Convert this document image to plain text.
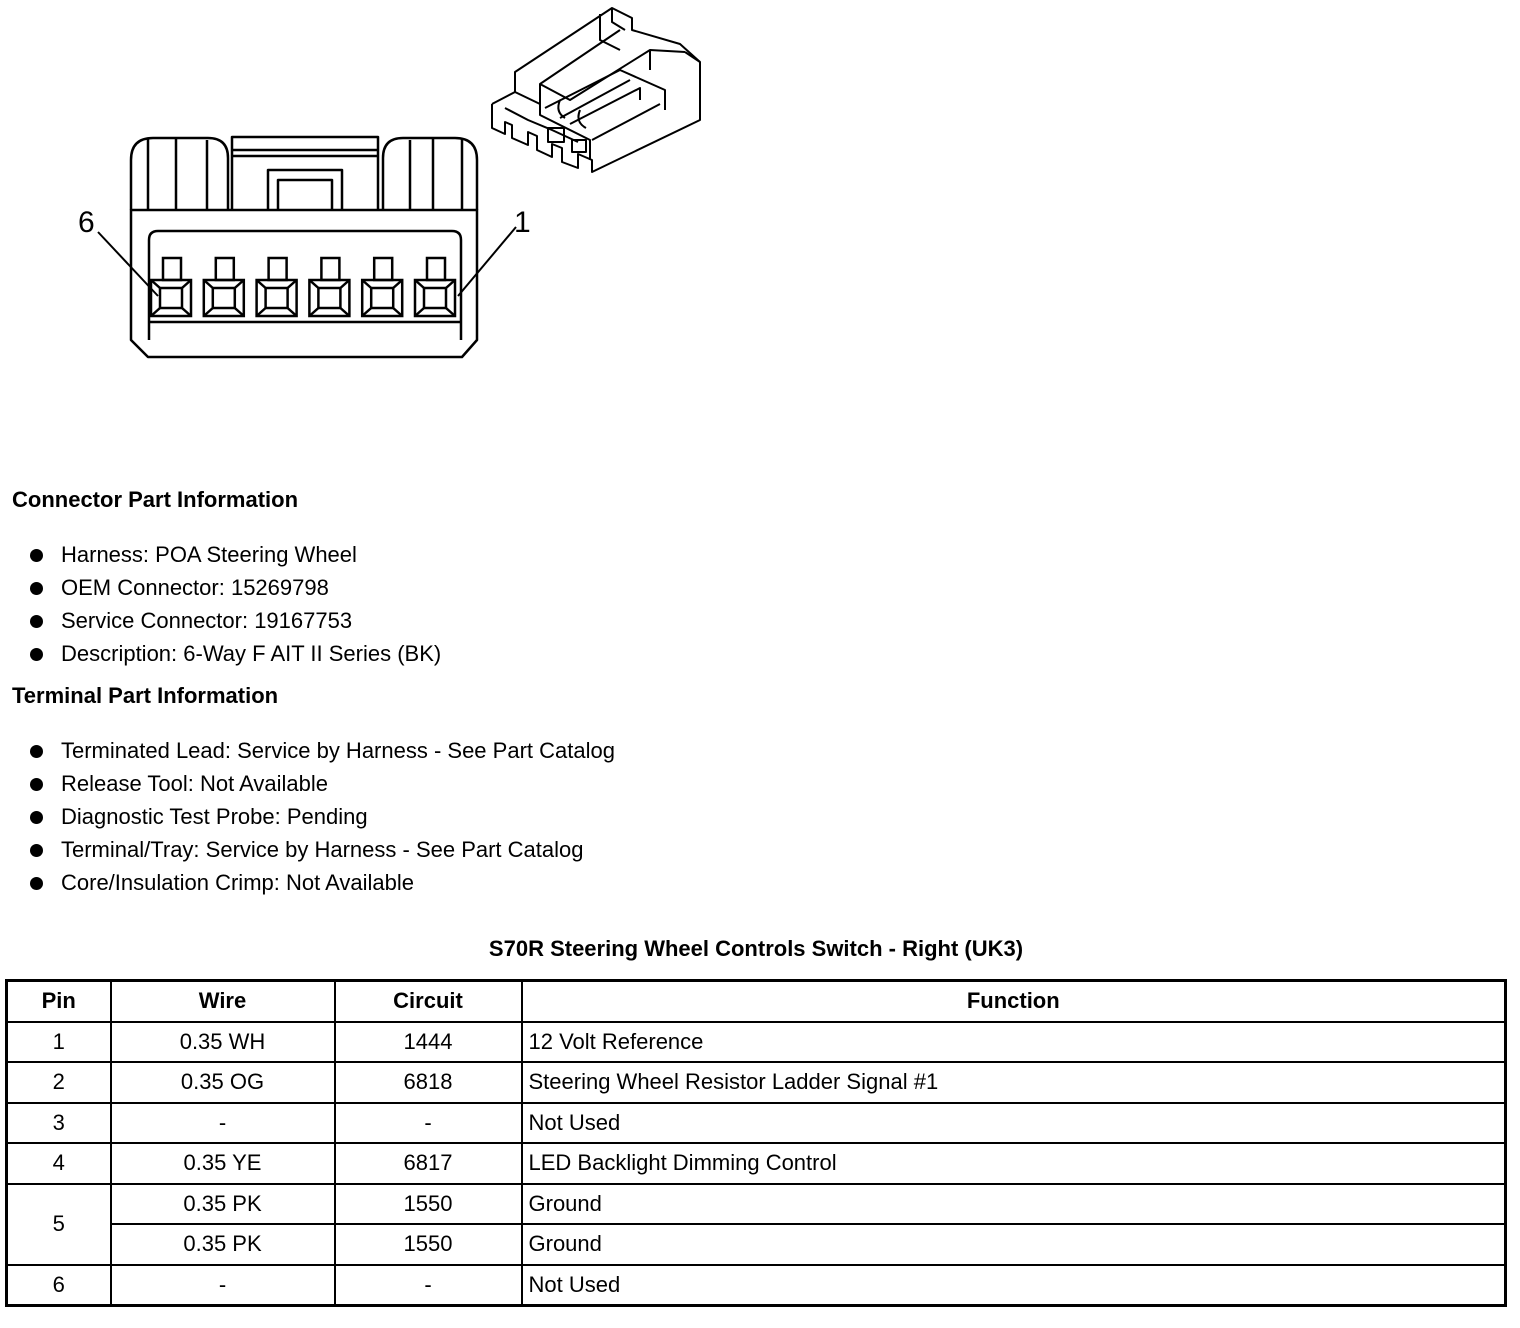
6	1
Connector Part Information
Harness: POA Steering Wheel
OEM Connector: 15269798
Service Connector: 19167753
Description: 6-Way F AIT II Series (BK)
Terminal Part Information
Terminated Lead: Service by Harness - See Part Catalog
Release Tool: Not Available
Diagnostic Test Probe: Pending
Terminal/Tray: Service by Harness - See Part Catalog
Core/Insulation Crimp: Not Available
S70R Steering Wheel Controls Switch - Right (UK3)
Pin	Wire	Circuit	Function
1	0.35 WH	1444	12 Volt Reference
2	0.35 OG	6818	Steering Wheel Resistor Ladder Signal #1
3	-	-	Not Used
4	0.35 YE	6817	LED Backlight Dimming Control
5	0.35 PK	1550	Ground
	0.35 PK	1550	Ground
6	-	-	Not Used
